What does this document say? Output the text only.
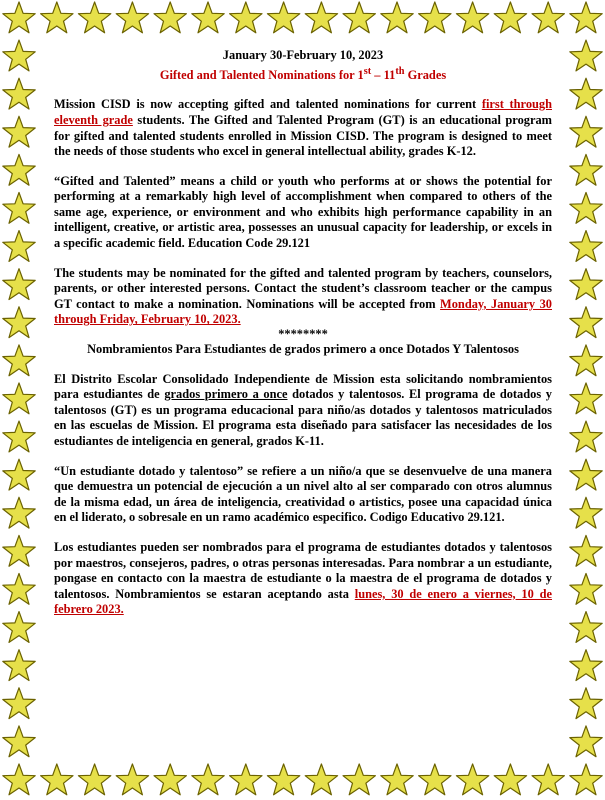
January 30-February 10, 2023
Gifted and Talented Nominations for 1st – 11th Grades

Mission CISD is now accepting gifted and talented nominations for current first through eleventh grade students. The Gifted and Talented Program (GT) is an educational program for gifted and talented students enrolled in Mission CISD. The program is designed to meet the needs of those students who excel in general intellectual ability, grades K-12.

“Gifted and Talented” means a child or youth who performs at or shows the potential for performing at a remarkably high level of accomplishment when compared to others of the same age, experience, or environment and who exhibits high performance capability in an intelligent, creative, or artistic area, possesses an unusual capacity for leadership, or excels in a specific academic field. Education Code 29.121

The students may be nominated for the gifted and talented program by teachers, counselors, parents, or other interested persons. Contact the student’s classroom teacher or the campus GT contact to make a nomination. Nominations will be accepted from Monday, January 30 through Friday, February 10, 2023.

********
Nombramientos Para Estudiantes de grados primero a once Dotados Y Talentosos

El Distrito Escolar Consolidado Independiente de Mission esta solicitando nombramientos para estudiantes de grados primero a once dotados y talentosos. El programa de dotados y talentosos (GT) es un programa educacional para niño/as dotados y talentosos matriculados en las escuelas de Mission. El programa esta diseñado para satisfacer las necesidades de los estudiantes de inteligencia en general, grados K-11.

“Un estudiante dotado y talentoso” se refiere a un niño/a que se desenvuelve de una manera que demuestra un potencial de ejecución a un nivel alto al ser comparado con otros alumnus de la misma edad, un área de inteligencia, creatividad o artistics, posee una capacidad única en el liderato, o sobresale en un ramo académico especifico. Codigo Educativo 29.121.

Los estudiantes pueden ser nombrados para el programa de estudiantes dotados y talentosos por maestros, consejeros, padres, o otras personas interesadas. Para nombrar a un estudiante, pongase en contacto con la maestra de estudiante o la maestra de el programa de dotados y talentosos. Nombramientos se estaran aceptando asta lunes, 30 de enero a viernes, 10 de febrero 2023.
